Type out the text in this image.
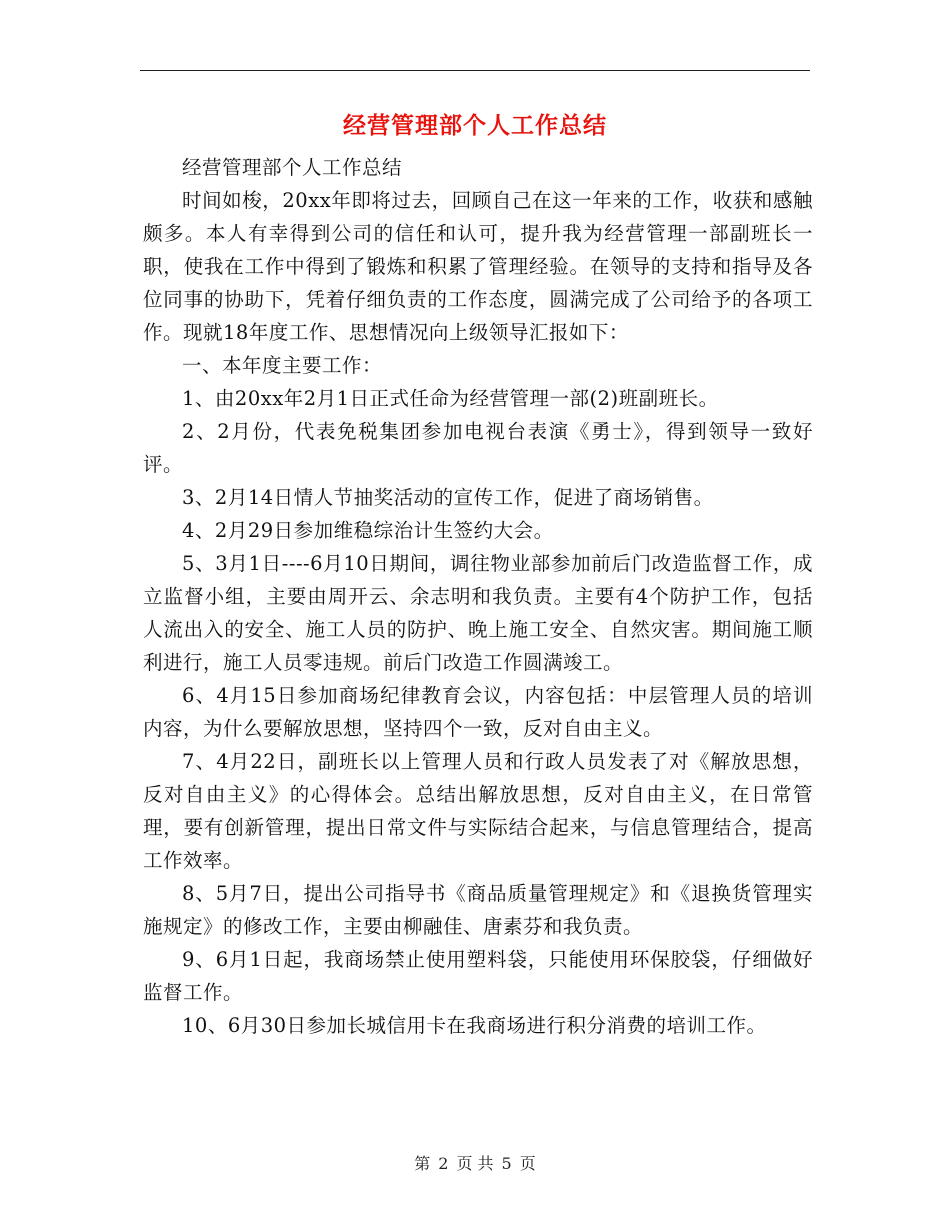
经营管理部个人工作总结

经营管理部个人工作总结

时间如梭，20xx年即将过去，回顾自己在这一年来的工作，收获和感触颇多。本人有幸得到公司的信任和认可，提升我为经营管理一部副班长一职，使我在工作中得到了锻炼和积累了管理经验。在领导的支持和指导及各位同事的协助下，凭着仔细负责的工作态度，圆满完成了公司给予的各项工作。现就18年度工作、思想情况向上级领导汇报如下：

一、本年度主要工作：

1、由20xx年2月1日正式任命为经营管理一部(2)班副班长。

2、2月份，代表免税集团参加电视台表演《勇士》，得到领导一致好评。

3、2月14日情人节抽奖活动的宣传工作，促进了商场销售。

4、2月29日参加维稳综治计生签约大会。

5、3月1日----6月10日期间，调往物业部参加前后门改造监督工作，成立监督小组，主要由周开云、余志明和我负责。主要有4个防护工作，包括人流出入的安全、施工人员的防护、晚上施工安全、自然灾害。期间施工顺利进行，施工人员零违规。前后门改造工作圆满竣工。

6、4月15日参加商场纪律教育会议，内容包括：中层管理人员的培训内容，为什么要解放思想，坚持四个一致，反对自由主义。

7、4月22日，副班长以上管理人员和行政人员发表了对《解放思想，反对自由主义》的心得体会。总结出解放思想，反对自由主义，在日常管理，要有创新管理，提出日常文件与实际结合起来，与信息管理结合，提高工作效率。

8、5月7日，提出公司指导书《商品质量管理规定》和《退换货管理实施规定》的修改工作，主要由柳融佳、唐素芬和我负责。

9、6月1日起，我商场禁止使用塑料袋，只能使用环保胶袋，仔细做好监督工作。

10、6月30日参加长城信用卡在我商场进行积分消费的培训工作。

第 2 页 共 5 页
